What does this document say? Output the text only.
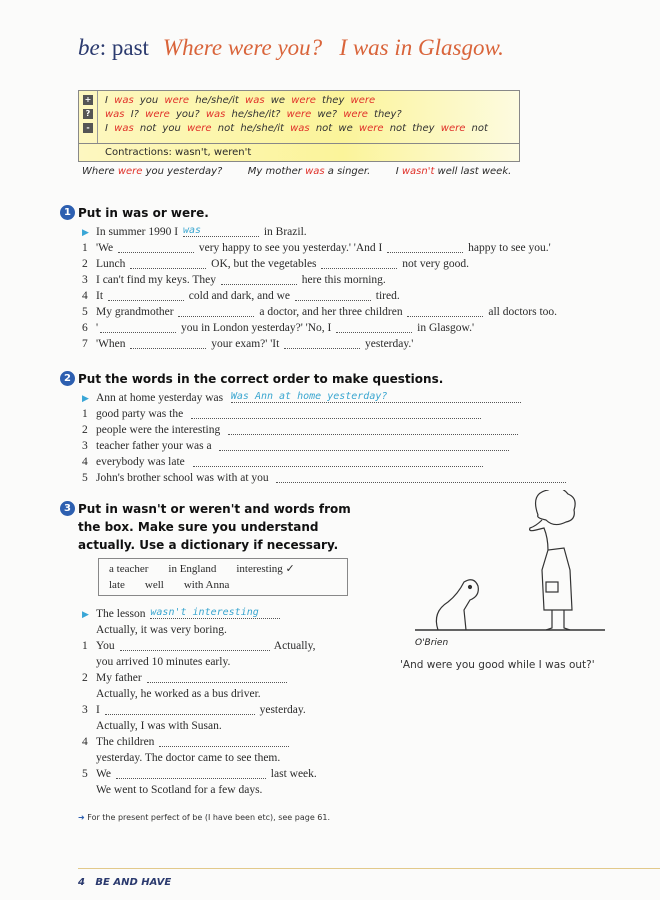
be: past Where were you?   I was in Glasgow.
+
?
-
I was you were he/she/it was we were they were
was I? were you? was he/she/it? were we? were they?
I was not you were not he/she/it was not we were not they were not
Contractions: wasn't, weren't
Where were you yesterday?        My mother was a singer.        I wasn't well last week.
1 Put in was or were.
▶ In summer 1990 I was	in Brazil.
1 'We	very happy to see you yesterday.' 'And I	happy to see you.'
2 Lunch	OK, but the vegetables	not very good.
3 I can't find my keys. They	here this morning.
4 It	cold and dark, and we	tired.
5 My grandmother	a doctor, and her three children	all doctors too.
6 '	you in London yesterday?' 'No, I	in Glasgow.'
7 'When	your exam?' 'It	yesterday.'
2 Put the words in the correct order to make questions.
▶ Ann at home yesterday was  Was Ann at home yesterday?
1 good party was the
2 people were the interesting
3 teacher father your was a
4 everybody was late
5 John's brother school was with at you
3 Put in wasn't or weren't and words from
the box. Make sure you understand
actually. Use a dictionary if necessary.
a teacher in England interesting ✓
late well with Anna
▶ The lesson wasn't interesting
Actually, it was very boring.
1 You	Actually,
you arrived 10 minutes early.
2 My father
Actually, he worked as a bus driver.
3 I	yesterday.
Actually, I was with Susan.
4 The children
yesterday. The doctor came to see them.
5 We	last week.
We went to Scotland for a few days.
O'Brien
'And were you good while I was out?'
➜ For the present perfect of be (I have been etc), see page 61.
4 BE AND HAVE
